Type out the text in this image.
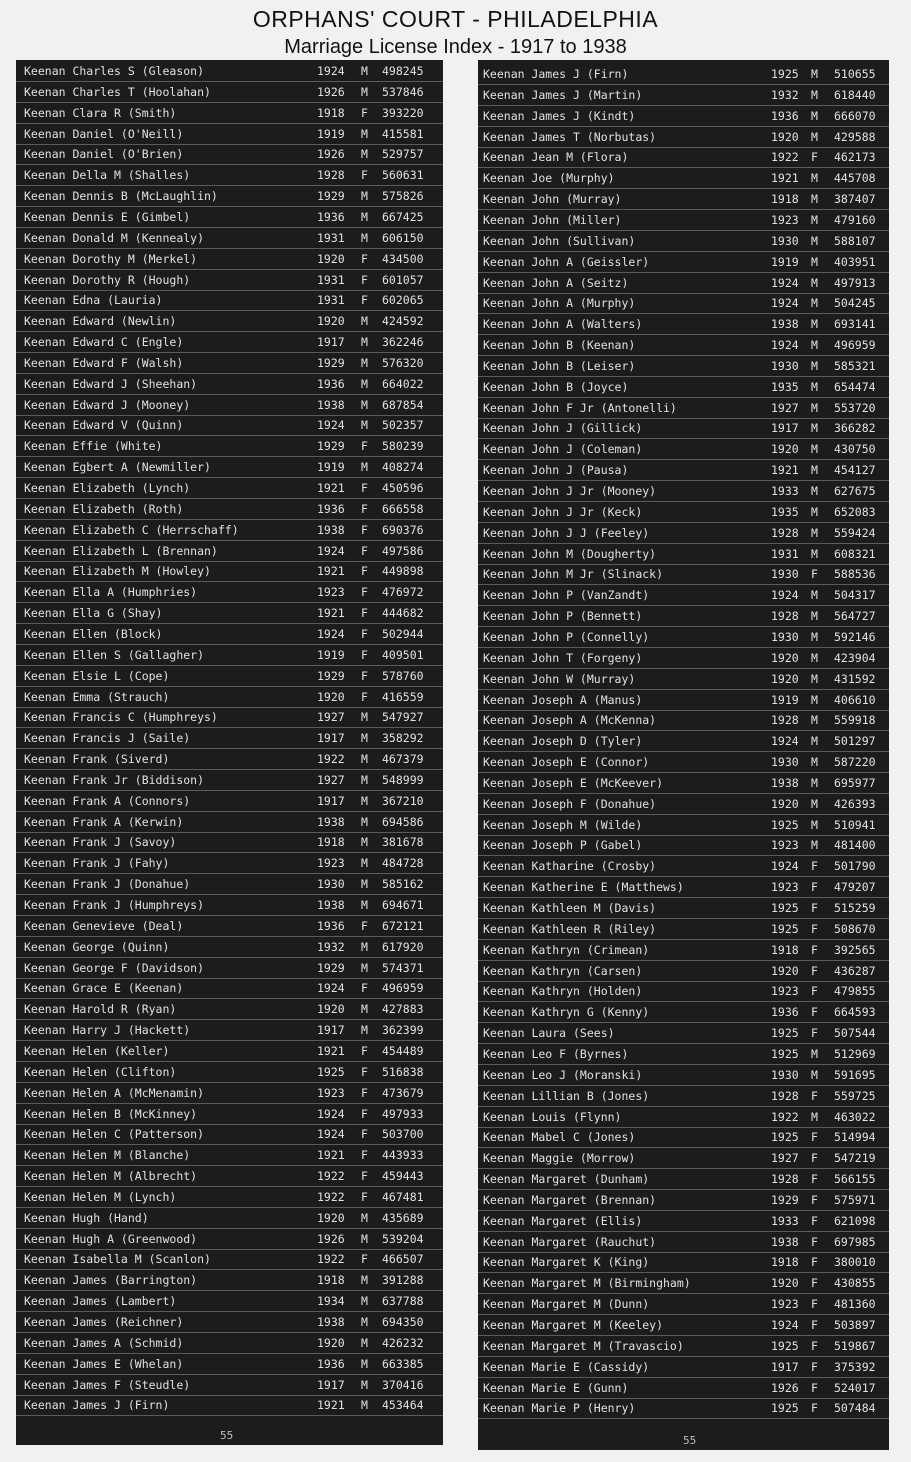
ORPHANS' COURT - PHILADELPHIA
Marriage License Index - 1917 to 1938
Keenan Charles S (Gleason)	1924 M 498245
Keenan Charles T (Hoolahan)	1926 M 537846
Keenan Clara R (Smith)	1918 F 393220
Keenan Daniel (O'Neill)	1919 M 415581
Keenan Daniel (O'Brien)	1926 M 529757
Keenan Della M (Shalles)	1928 F 560631
Keenan Dennis B (McLaughlin)	1929 M 575826
Keenan Dennis E (Gimbel)	1936 M 667425
Keenan Donald M (Kennealy)	1931 M 606150
Keenan Dorothy M (Merkel)	1920 F 434500
Keenan Dorothy R (Hough)	1931 F 601057
Keenan Edna (Lauria)	1931 F 602065
Keenan Edward (Newlin)	1920 M 424592
Keenan Edward C (Engle)	1917 M 362246
Keenan Edward F (Walsh)	1929 M 576320
Keenan Edward J (Sheehan)	1936 M 664022
Keenan Edward J (Mooney)	1938 M 687854
Keenan Edward V (Quinn)	1924 M 502357
Keenan Effie (White)	1929 F 580239
Keenan Egbert A (Newmiller)	1919 M 408274
Keenan Elizabeth (Lynch)	1921 F 450596
Keenan Elizabeth (Roth)	1936 F 666558
Keenan Elizabeth C (Herrschaff)	1938 F 690376
Keenan Elizabeth L (Brennan)	1924 F 497586
Keenan Elizabeth M (Howley)	1921 F 449898
Keenan Ella A (Humphries)	1923 F 476972
Keenan Ella G (Shay)	1921 F 444682
Keenan Ellen (Block)	1924 F 502944
Keenan Ellen S (Gallagher)	1919 F 409501
Keenan Elsie L (Cope)	1929 F 578760
Keenan Emma (Strauch)	1920 F 416559
Keenan Francis C (Humphreys)	1927 M 547927
Keenan Francis J (Saile)	1917 M 358292
Keenan Frank (Siverd)	1922 M 467379
Keenan Frank Jr (Biddison)	1927 M 548999
Keenan Frank A (Connors)	1917 M 367210
Keenan Frank A (Kerwin)	1938 M 694586
Keenan Frank J (Savoy)	1918 M 381678
Keenan Frank J (Fahy)	1923 M 484728
Keenan Frank J (Donahue)	1930 M 585162
Keenan Frank J (Humphreys)	1938 M 694671
Keenan Genevieve (Deal)	1936 F 672121
Keenan George (Quinn)	1932 M 617920
Keenan George F (Davidson)	1929 M 574371
Keenan Grace E (Keenan)	1924 F 496959
Keenan Harold R (Ryan)	1920 M 427883
Keenan Harry J (Hackett)	1917 M 362399
Keenan Helen (Keller)	1921 F 454489
Keenan Helen (Clifton)	1925 F 516838
Keenan Helen A (McMenamin)	1923 F 473679
Keenan Helen B (McKinney)	1924 F 497933
Keenan Helen C (Patterson)	1924 F 503700
Keenan Helen M (Blanche)	1921 F 443933
Keenan Helen M (Albrecht)	1922 F 459443
Keenan Helen M (Lynch)	1922 F 467481
Keenan Hugh (Hand)	1920 M 435689
Keenan Hugh A (Greenwood)	1926 M 539204
Keenan Isabella M (Scanlon)	1922 F 466507
Keenan James (Barrington)	1918 M 391288
Keenan James (Lambert)	1934 M 637788
Keenan James (Reichner)	1938 M 694350
Keenan James A (Schmid)	1920 M 426232
Keenan James E (Whelan)	1936 M 663385
Keenan James F (Steudle)	1917 M 370416
Keenan James J (Firn)	1921 M 453464
55
Keenan James J (Firn)	1925 M 510655
Keenan James J (Martin)	1932 M 618440
Keenan James J (Kindt)	1936 M 666070
Keenan James T (Norbutas)	1920 M 429588
Keenan Jean M (Flora)	1922 F 462173
Keenan Joe (Murphy)	1921 M 445708
Keenan John (Murray)	1918 M 387407
Keenan John (Miller)	1923 M 479160
Keenan John (Sullivan)	1930 M 588107
Keenan John A (Geissler)	1919 M 403951
Keenan John A (Seitz)	1924 M 497913
Keenan John A (Murphy)	1924 M 504245
Keenan John A (Walters)	1938 M 693141
Keenan John B (Keenan)	1924 M 496959
Keenan John B (Leiser)	1930 M 585321
Keenan John B (Joyce)	1935 M 654474
Keenan John F Jr (Antonelli)	1927 M 553720
Keenan John J (Gillick)	1917 M 366282
Keenan John J (Coleman)	1920 M 430750
Keenan John J (Pausa)	1921 M 454127
Keenan John J Jr (Mooney)	1933 M 627675
Keenan John J Jr (Keck)	1935 M 652083
Keenan John J J (Feeley)	1928 M 559424
Keenan John M (Dougherty)	1931 M 608321
Keenan John M Jr (Slinack)	1930 F 588536
Keenan John P (VanZandt)	1924 M 504317
Keenan John P (Bennett)	1928 M 564727
Keenan John P (Connelly)	1930 M 592146
Keenan John T (Forgeny)	1920 M 423904
Keenan John W (Murray)	1920 M 431592
Keenan Joseph A (Manus)	1919 M 406610
Keenan Joseph A (McKenna)	1928 M 559918
Keenan Joseph D (Tyler)	1924 M 501297
Keenan Joseph E (Connor)	1930 M 587220
Keenan Joseph E (McKeever)	1938 M 695977
Keenan Joseph F (Donahue)	1920 M 426393
Keenan Joseph M (Wilde)	1925 M 510941
Keenan Joseph P (Gabel)	1923 M 481400
Keenan Katharine (Crosby)	1924 F 501790
Keenan Katherine E (Matthews)	1923 F 479207
Keenan Kathleen M (Davis)	1925 F 515259
Keenan Kathleen R (Riley)	1925 F 508670
Keenan Kathryn (Crimean)	1918 F 392565
Keenan Kathryn (Carsen)	1920 F 436287
Keenan Kathryn (Holden)	1923 F 479855
Keenan Kathryn G (Kenny)	1936 F 664593
Keenan Laura (Sees)	1925 F 507544
Keenan Leo F (Byrnes)	1925 M 512969
Keenan Leo J (Moranski)	1930 M 591695
Keenan Lillian B (Jones)	1928 F 559725
Keenan Louis (Flynn)	1922 M 463022
Keenan Mabel C (Jones)	1925 F 514994
Keenan Maggie (Morrow)	1927 F 547219
Keenan Margaret (Dunham)	1928 F 566155
Keenan Margaret (Brennan)	1929 F 575971
Keenan Margaret (Ellis)	1933 F 621098
Keenan Margaret (Rauchut)	1938 F 697985
Keenan Margaret K (King)	1918 F 380010
Keenan Margaret M (Birmingham)	1920 F 430855
Keenan Margaret M (Dunn)	1923 F 481360
Keenan Margaret M (Keeley)	1924 F 503897
Keenan Margaret M (Travascio)	1925 F 519867
Keenan Marie E (Cassidy)	1917 F 375392
Keenan Marie E (Gunn)	1926 F 524017
Keenan Marie P (Henry)	1925 F 507484
55
